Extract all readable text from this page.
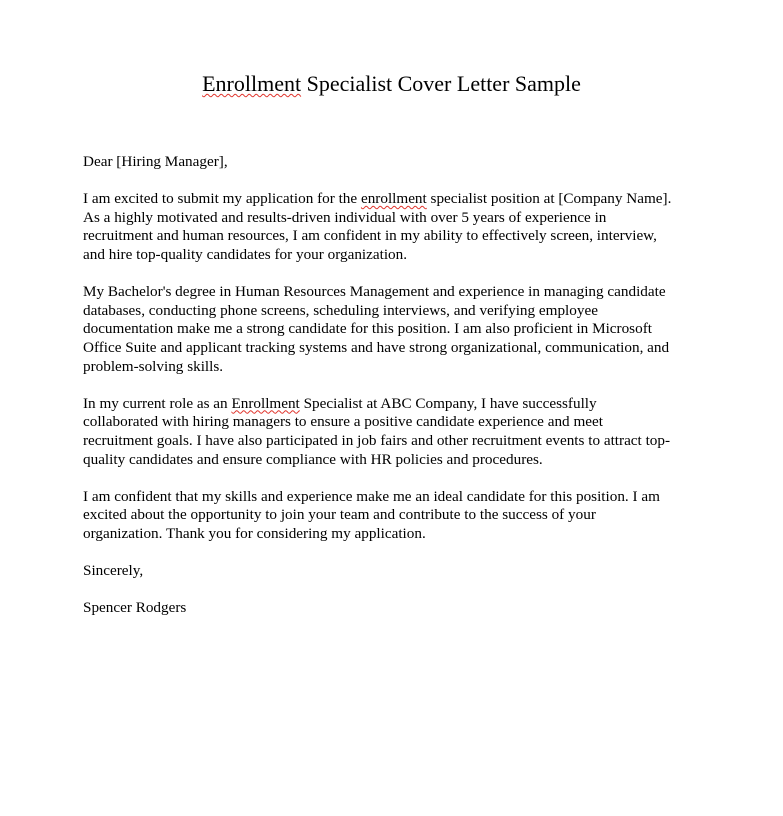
Enrollment Specialist Cover Letter Sample
Dear [Hiring Manager],
I am excited to submit my application for the enrollment specialist position at [Company Name].
As a highly motivated and results-driven individual with over 5 years of experience in
recruitment and human resources, I am confident in my ability to effectively screen, interview,
and hire top-quality candidates for your organization.
My Bachelor's degree in Human Resources Management and experience in managing candidate
databases, conducting phone screens, scheduling interviews, and verifying employee
documentation make me a strong candidate for this position. I am also proficient in Microsoft
Office Suite and applicant tracking systems and have strong organizational, communication, and
problem-solving skills.
In my current role as an Enrollment Specialist at ABC Company, I have successfully
collaborated with hiring managers to ensure a positive candidate experience and meet
recruitment goals. I have also participated in job fairs and other recruitment events to attract top-
quality candidates and ensure compliance with HR policies and procedures.
I am confident that my skills and experience make me an ideal candidate for this position. I am
excited about the opportunity to join your team and contribute to the success of your
organization. Thank you for considering my application.
Sincerely,
Spencer Rodgers
